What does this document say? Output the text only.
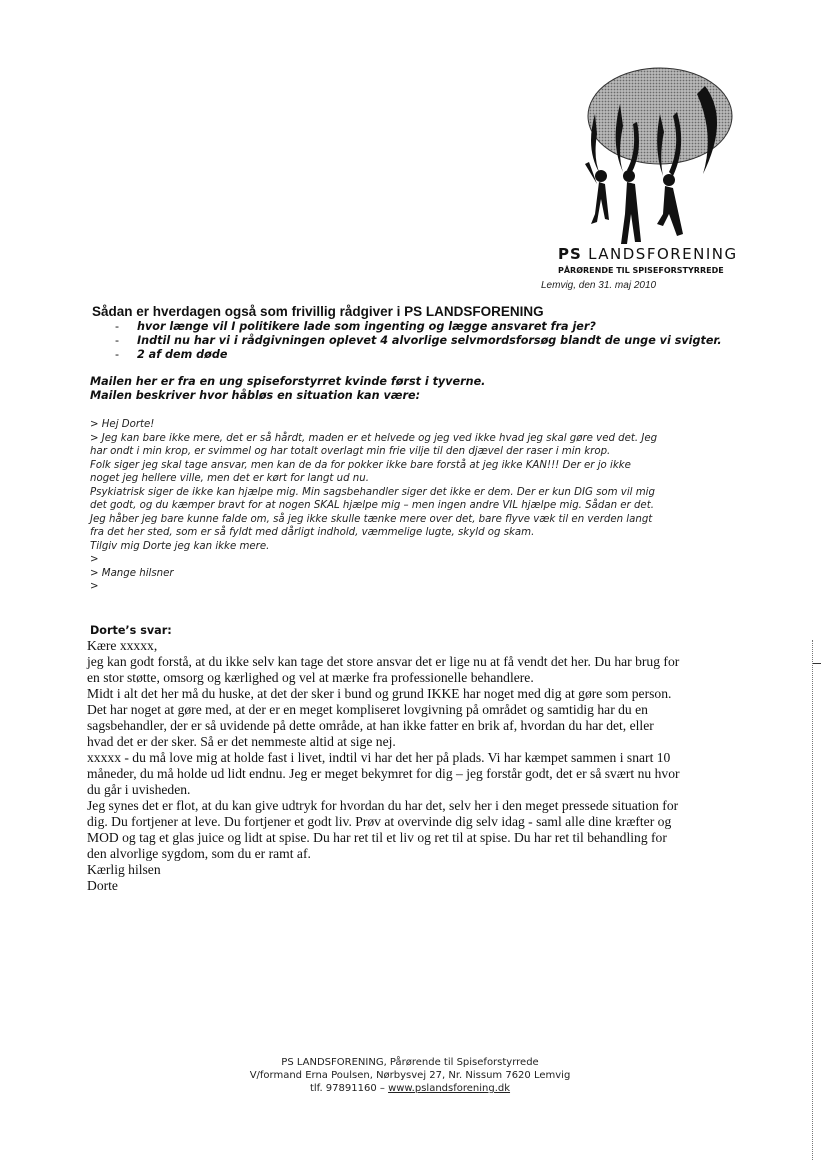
PS LANDSFORENING
PÅRØRENDE TIL SPISEFORSTYRREDE
Lemvig, den 31. maj 2010
Sådan er hverdagen også som frivillig rådgiver i PS LANDSFORENING
- hvor længe vil I politikere lade som ingenting og lægge ansvaret fra jer?
- Indtil nu har vi i rådgivningen oplevet 4 alvorlige selvmordsforsøg blandt de unge vi svigter.
- 2 af dem døde
Mailen her er fra en ung spiseforstyrret kvinde først i tyverne.
Mailen beskriver hvor håbløs en situation kan være:
> Hej Dorte!
> Jeg kan bare ikke mere, det er så hårdt, maden er et helvede og jeg ved ikke hvad jeg skal gøre ved det. Jeg
har ondt i min krop, er svimmel og har totalt overlagt min frie vilje til den djævel der raser i min krop.
Folk siger jeg skal tage ansvar, men kan de da for pokker ikke bare forstå at jeg ikke KAN!!! Der er jo ikke
noget jeg hellere ville, men det er kørt for langt ud nu.
Psykiatrisk siger de ikke kan hjælpe mig. Min sagsbehandler siger det ikke er dem. Der er kun DIG som vil mig
det godt, og du kæmper bravt for at nogen SKAL hjælpe mig – men ingen andre VIL hjælpe mig. Sådan er det.
Jeg håber jeg bare kunne falde om, så jeg ikke skulle tænke mere over det, bare flyve væk til en verden langt
fra det her sted, som er så fyldt med dårligt indhold, væmmelige lugte, skyld og skam.
Tilgiv mig Dorte jeg kan ikke mere.
>
> Mange hilsner
>
Dorte’s svar:
Kære xxxxx,
jeg kan godt forstå, at du ikke selv kan tage det store ansvar det er lige nu at få vendt det her. Du har brug for
en stor støtte, omsorg og kærlighed og vel at mærke fra professionelle behandlere.
Midt i alt det her må du huske, at det der sker i bund og grund IKKE har noget med dig at gøre som person.
Det har noget at gøre med, at der er en meget kompliseret lovgivning på området og samtidig har du en
sagsbehandler, der er så uvidende på dette område, at han ikke fatter en brik af, hvordan du har det, eller
hvad det er der sker. Så er det nemmeste altid at sige nej.
xxxxx - du må love mig at holde fast i livet, indtil vi har det her på plads. Vi har kæmpet sammen i snart 10
måneder, du må holde ud lidt endnu. Jeg er meget bekymret for dig – jeg forstår godt, det er så svært nu hvor
du går i uvisheden.
Jeg synes det er flot, at du kan give udtryk for hvordan du har det, selv her i den meget pressede situation for
dig. Du fortjener at leve. Du fortjener et godt liv. Prøv at overvinde dig selv idag - saml alle dine kræfter og
MOD og tag et glas juice og lidt at spise. Du har ret til et liv og ret til at spise. Du har ret til behandling for
den alvorlige sygdom, som du er ramt af.
Kærlig hilsen
Dorte
PS LANDSFORENING, Pårørende til Spiseforstyrrede
V/formand Erna Poulsen, Nørbysvej 27, Nr. Nissum 7620 Lemvig
tlf. 97891160 – www.pslandsforening.dk
